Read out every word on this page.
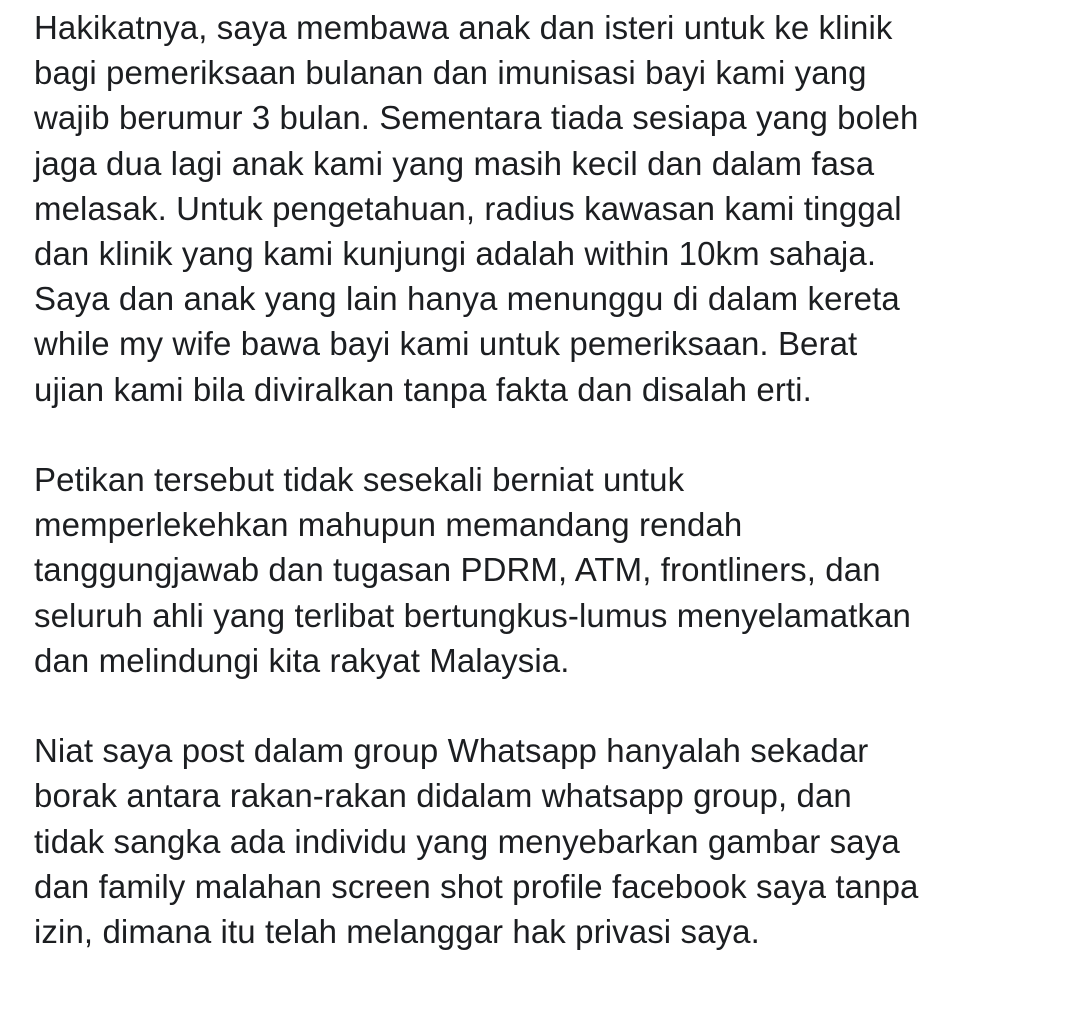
Hakikatnya, saya membawa anak dan isteri untuk ke klinik
bagi pemeriksaan bulanan dan imunisasi bayi kami yang
wajib berumur 3 bulan. Sementara tiada sesiapa yang boleh
jaga dua lagi anak kami yang masih kecil dan dalam fasa
melasak. Untuk pengetahuan, radius kawasan kami tinggal
dan klinik yang kami kunjungi adalah within 10km sahaja.
Saya dan anak yang lain hanya menunggu di dalam kereta
while my wife bawa bayi kami untuk pemeriksaan. Berat
ujian kami bila diviralkan tanpa fakta dan disalah erti.

Petikan tersebut tidak sesekali berniat untuk
memperlekehkan mahupun memandang rendah
tanggungjawab dan tugasan PDRM, ATM, frontliners, dan
seluruh ahli yang terlibat bertungkus-lumus menyelamatkan
dan melindungi kita rakyat Malaysia.

Niat saya post dalam group Whatsapp hanyalah sekadar
borak antara rakan-rakan didalam whatsapp group, dan
tidak sangka ada individu yang menyebarkan gambar saya
dan family malahan screen shot profile facebook saya tanpa
izin, dimana itu telah melanggar hak privasi saya.
